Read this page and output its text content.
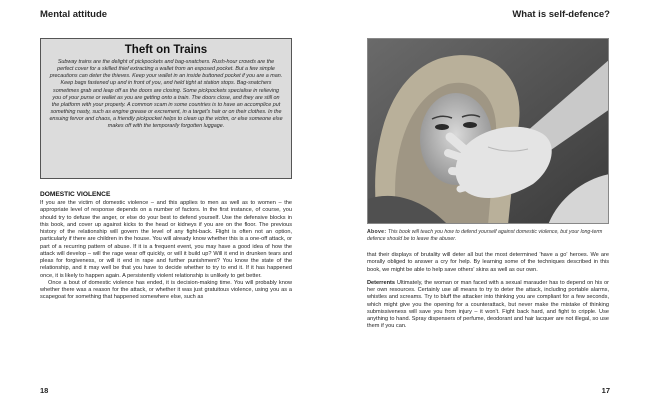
Mental attitude
Theft on Trains

Subway trains are the delight of pickpockets and bag-snatchers. Rush-hour crowds are the perfect cover for a skilled thief extracting a wallet from an exposed pocket. But a few simple precautions can deter the thieves. Keep your wallet in an inside buttoned pocket if you are a man. Keep bags fastened up and in front of you, and held tight at station stops. Bag-snatchers sometimes grab and leap off as the doors are closing. Some pickpockets specialise in relieving you of your purse or wallet as you are getting onto a train. The doors close, and they are still on the platform with your property. A common scam in some countries is to have an accomplice put something nasty, such as engine grease or excrement, in a target's hair or on their clothes. In the ensuing fervor and chaos, a friendly pickpocket helps to clean up the victim, or else someone else makes off with the temporarily forgotten luggage.

DOMESTIC VIOLENCE

If you are the victim of domestic violence – and this applies to men as well as to women – the appropriate level of response depends on a number of factors. In the first instance, of course, you should try to defuse the anger, or else do your best to defend yourself. Use the defensive blocks in this book, and cover up against kicks to the head or kidneys if you are on the floor. The previous history of the relationship will govern the level of any fight-back. Flight is often not an option, particularly if there are children in the house. You will already know whether this is a one-off attack, or part of a recurring pattern of abuse. If it is a frequent event, you may have a good idea of how the attack will develop – will the rage wear off quickly, or will it build up? Will it end in drunken tears and pleas for forgiveness, or will it end in rape and further punishment? You know the state of the relationship, and it may well be that you have to decide whether to try to end it. If it has happened once, it is likely to happen again. A persistently violent relationship is unlikely to get better.

Once a bout of domestic violence has ended, it is decision-making time. You will probably know whether there was a reason for the attack, or whether it was just gratuitous violence, using you as a scapegoat for something that happened somewhere else, such as

18
What is self-defence?

Above: This book will teach you how to defend yourself against domestic violence, but your long-term defence should be to leave the abuser.

that their displays of brutality will deter all but the most determined 'have a go' heroes. We are morally obliged to answer a cry for help. By learning some of the techniques described in this book, we might be able to help save others' skins as well as our own.

Deterrents Ultimately, the woman or man faced with a sexual marauder has to depend on his or her own resources. Certainly use all means to try to deter the attack, including portable alarms, whistles and screams. Try to bluff the attacker into thinking you are compliant for a few seconds, which might give you the opening for a counterattack, but never make the mistake of thinking submissiveness will save you from injury – it won't. Fight back hard, and fight to cripple. Use anything to hand. Spray dispensers of perfume, deodorant and hair lacquer are not illegal, so use them if you can.

17
